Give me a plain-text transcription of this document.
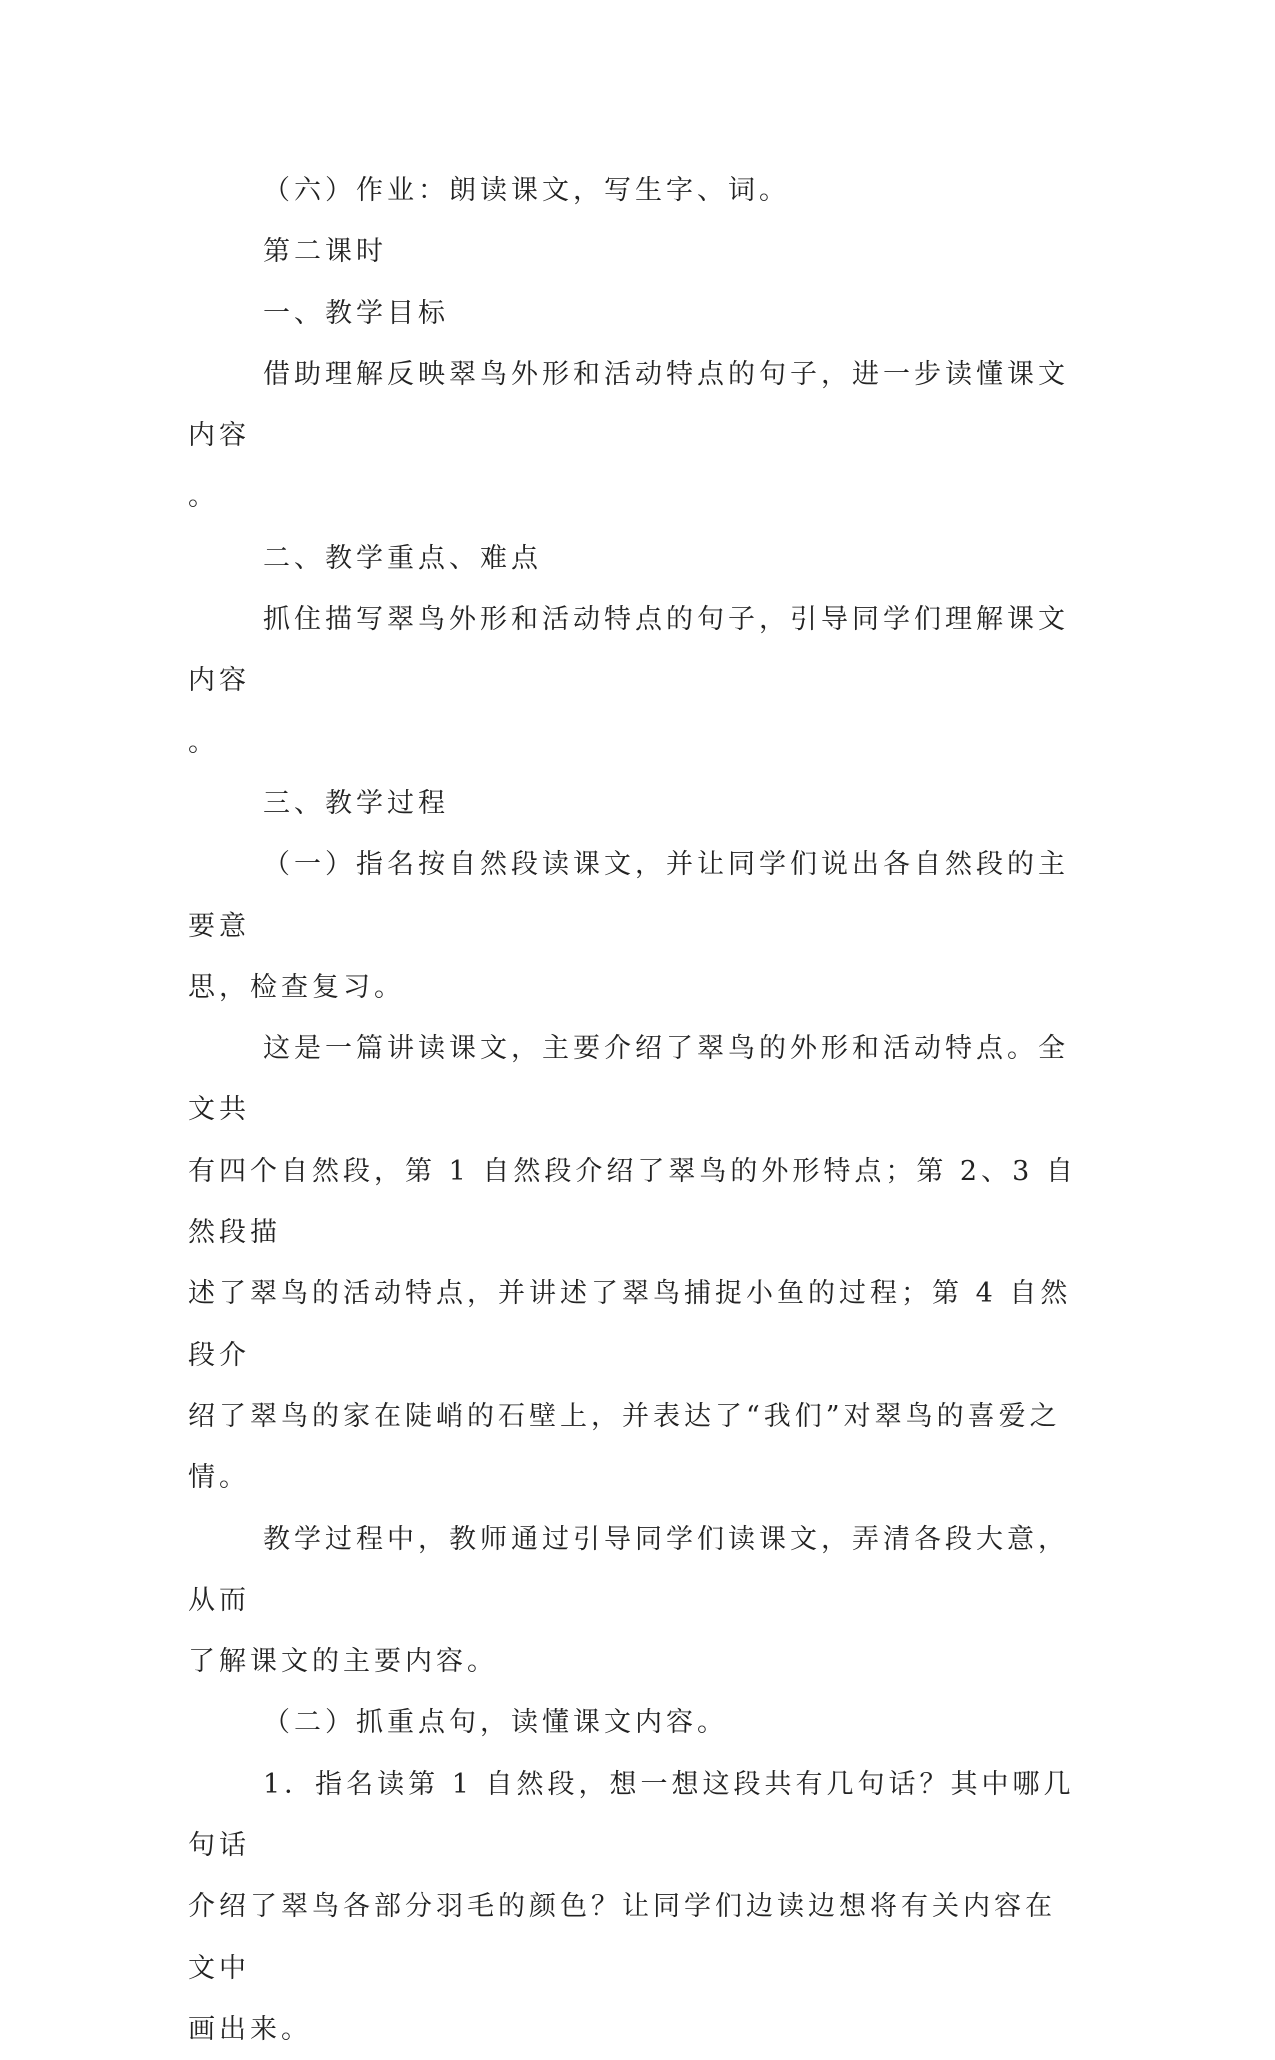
（六）作业：朗读课文，写生字、词。

第二课时

一、教学目标

借助理解反映翠鸟外形和活动特点的句子，进一步读懂课文内容
。

二、教学重点、难点

抓住描写翠鸟外形和活动特点的句子，引导同学们理解课文内容
。

三、教学过程

（一）指名按自然段读课文，并让同学们说出各自然段的主要意
思，检查复习。

这是一篇讲读课文，主要介绍了翠鸟的外形和活动特点。全文共
有四个自然段，第 1 自然段介绍了翠鸟的外形特点；第 2、3 自然段描
述了翠鸟的活动特点，并讲述了翠鸟捕捉小鱼的过程；第 4 自然段介
绍了翠鸟的家在陡峭的石壁上，并表达了“我们”对翠鸟的喜爱之情。

教学过程中，教师通过引导同学们读课文，弄清各段大意，从而
了解课文的主要内容。

（二）抓重点句，读懂课文内容。

1．指名读第 1 自然段，想一想这段共有几句话？其中哪几句话
介绍了翠鸟各部分羽毛的颜色？让同学们边读边想将有关内容在文中
画出来。
